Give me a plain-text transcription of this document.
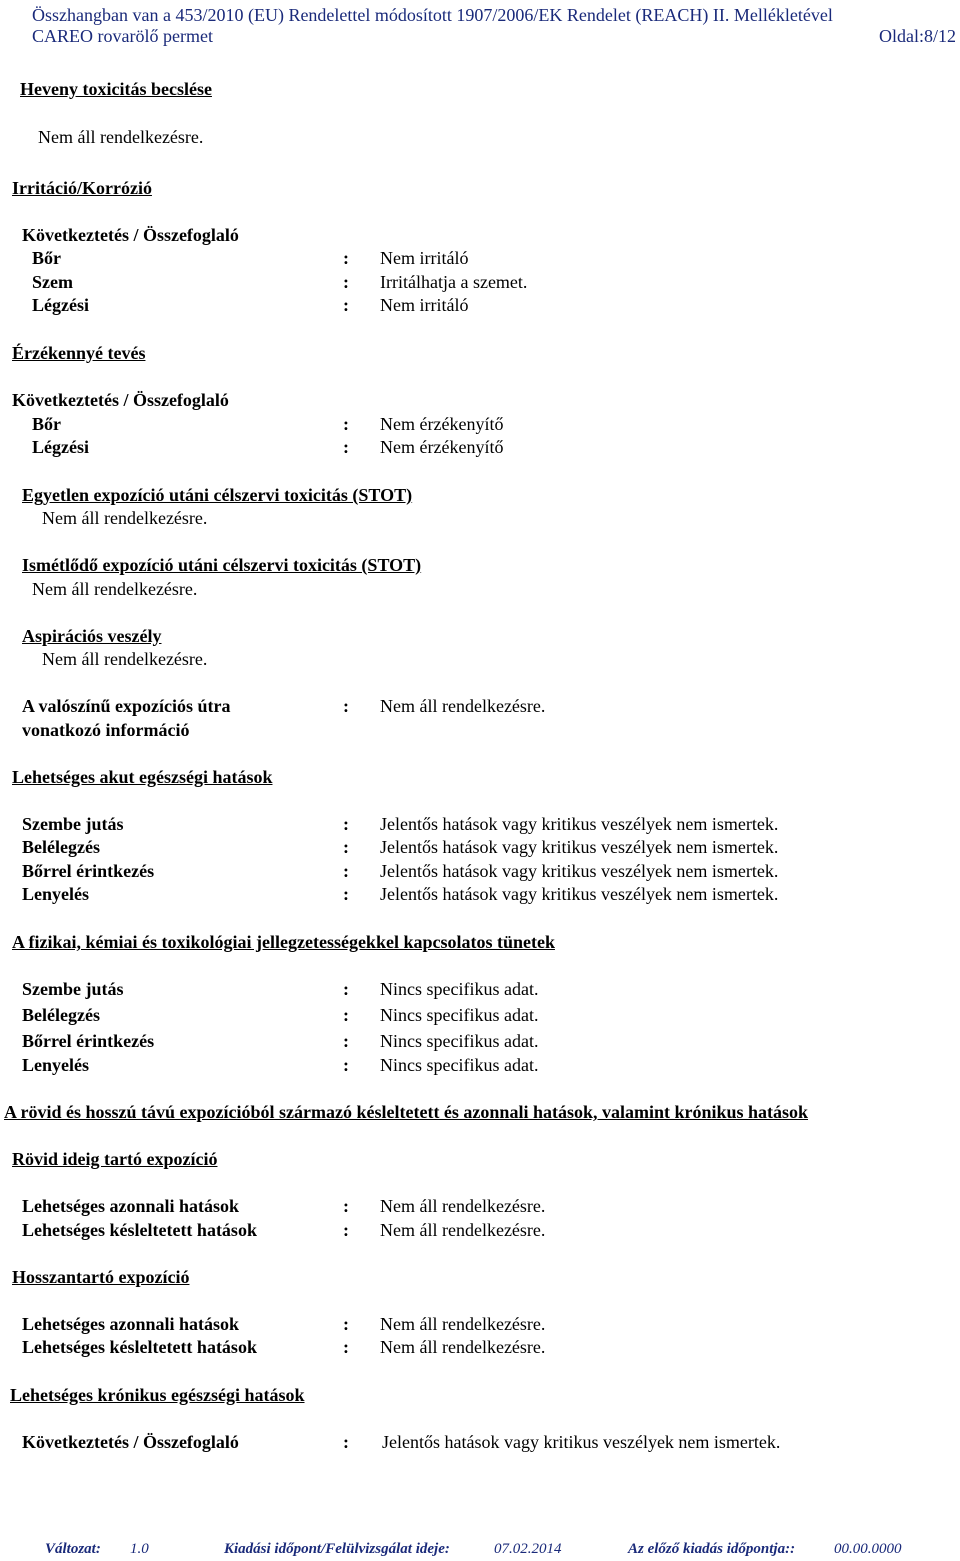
Összhangban van a 453/2010 (EU) Rendelettel módosított 1907/2006/EK Rendelet (REACH) II. Mellékletével
CAREO rovarölő permet	Oldal:8/12
Heveny toxicitás becslése
Nem áll rendelkezésre.
Irritáció/Korrózió
Következtetés / Összefoglaló
Bőr	: Nem irritáló
Szem	: Irritálhatja a szemet.
Légzési	: Nem irritáló
Érzékennyé tevés
Következtetés / Összefoglaló
Bőr	: Nem érzékenyítő
Légzési	: Nem érzékenyítő
Egyetlen expozíció utáni célszervi toxicitás (STOT)
Nem áll rendelkezésre.
Ismétlődő expozíció utáni célszervi toxicitás (STOT)
Nem áll rendelkezésre.
Aspirációs veszély
Nem áll rendelkezésre.
A valószínű expozíciós útra
vonatkozó információ
: Nem áll rendelkezésre.
Lehetséges akut egészségi hatások
Szembe jutás	: Jelentős hatások vagy kritikus veszélyek nem ismertek.
Belélegzés	: Jelentős hatások vagy kritikus veszélyek nem ismertek.
Bőrrel érintkezés	: Jelentős hatások vagy kritikus veszélyek nem ismertek.
Lenyelés	: Jelentős hatások vagy kritikus veszélyek nem ismertek.
A fizikai, kémiai és toxikológiai jellegzetességekkel kapcsolatos tünetek
Szembe jutás	: Nincs specifikus adat.
Belélegzés	: Nincs specifikus adat.
Bőrrel érintkezés	: Nincs specifikus adat.
Lenyelés	: Nincs specifikus adat.
A rövid és hosszú távú expozícióból származó késleltetett és azonnali hatások, valamint krónikus hatások
Rövid ideig tartó expozíció
Lehetséges azonnali hatások	: Nem áll rendelkezésre.
Lehetséges késleltetett hatások	: Nem áll rendelkezésre.
Hosszantartó expozíció
Lehetséges azonnali hatások	: Nem áll rendelkezésre.
Lehetséges késleltetett hatások	: Nem áll rendelkezésre.
Lehetséges krónikus egészségi hatások
Következtetés / Összefoglaló	: Jelentős hatások vagy kritikus veszélyek nem ismertek.
Változat: 1.0	Kiadási időpont/Felülvizsgálat ideje:	07.02.2014	Az előző kiadás időpontja::	00.00.0000
